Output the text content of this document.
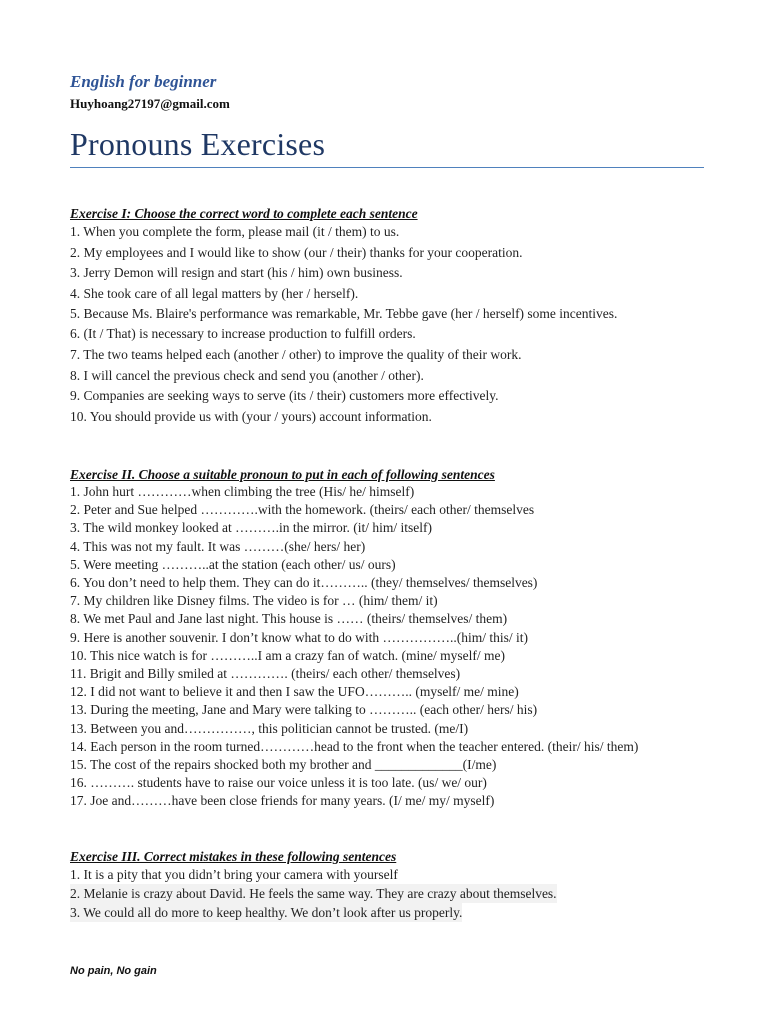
English for beginner
Huyhoang27197@gmail.com
Pronouns Exercises
Exercise I: Choose the correct word to complete each sentence
1. When you complete the form, please mail (it / them) to us.
2. My employees and I would like to show (our / their) thanks for your cooperation.
3. Jerry Demon will resign and start (his / him) own business.
4. She took care of all legal matters by (her / herself).
5. Because Ms. Blaire's performance was remarkable, Mr. Tebbe gave (her / herself) some incentives.
6. (It / That) is necessary to increase production to fulfill orders.
7. The two teams helped each (another / other) to improve the quality of their work.
8. I will cancel the previous check and send you (another / other).
9. Companies are seeking ways to serve (its / their) customers more effectively.
10. You should provide us with (your / yours) account information.
Exercise II. Choose a suitable pronoun to put in each of following sentences
1. John hurt …………when climbing the tree (His/ he/ himself)
2. Peter and Sue helped ………….with the homework. (theirs/ each other/ themselves
3. The wild monkey looked at ……….in the mirror. (it/ him/ itself)
4. This was not my fault. It was ………(she/ hers/ her)
5. Were meeting ………..at the station (each other/ us/ ours)
6. You don’t need to help them. They can do it……….. (they/ themselves/ themselves)
7. My children like Disney films. The video is for … (him/ them/ it)
8. We met Paul and Jane last night. This house is …… (theirs/ themselves/ them)
9. Here is another souvenir. I don’t know what to do with ……………..(him/ this/ it)
10. This nice watch is for ………..I am a crazy fan of watch. (mine/ myself/ me)
11. Brigit and Billy smiled at …………. (theirs/ each other/ themselves)
12. I did not want to believe it and then I saw the UFO……….. (myself/ me/ mine)
13. During the meeting, Jane and Mary were talking to ……….. (each other/ hers/ his)
13. Between you and……………, this politician cannot be trusted. (me/I)
14. Each person in the room turned…………head to the front when the teacher entered. (their/ his/ them)
15. The cost of the repairs shocked both my brother and _____________(I/me)
16. ………. students have to raise our voice unless it is too late. (us/ we/ our)
17. Joe and………have been close friends for many years. (I/ me/ my/ myself)
Exercise III. Correct mistakes in these following sentences
1. It is a pity that you didn’t bring your camera with yourself
2. Melanie is crazy about David. He feels the same way. They are crazy about themselves. 3. We could all do more to keep healthy. We don’t look after us properly.
No pain, No gain
